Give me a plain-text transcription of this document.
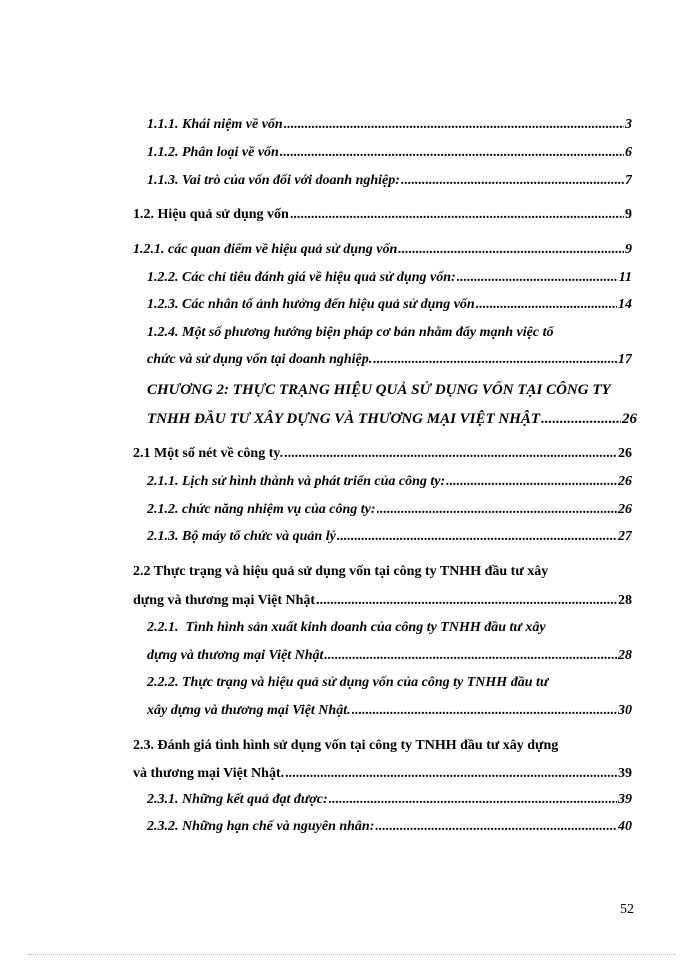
1.1.1. Khái niệm về vốn .....	3
1.1.2. Phân loại về vốn .....	6
1.1.3. Vai trò của vốn đối với doanh nghiệp: .....	7
1.2. Hiệu quả sử dụng vốn .....	9
1.2.1. các quan điểm về hiệu quả sử dụng vốn .....	9
1.2.2. Các chỉ tiêu đánh giá về hiệu quả sử dụng vốn: .....	11
1.2.3. Các nhân tố ảnh hưởng đến hiệu quả sử dụng vốn .....	14
1.2.4. Một số phương hướng biện pháp cơ bản nhằm đẩy mạnh việc tổ
chức và sử dụng vốn tại doanh nghiệp. .....	17
CHƯƠNG 2: THỰC TRẠNG HIỆU QUẢ SỬ DỤNG VỐN TẠI CÔNG TY
TNHH ĐẦU TƯ XÂY DỰNG VÀ THƯƠNG MẠI VIỆT NHẬT .....	26
2.1 Một số nét về công ty. .....	26
2.1.1. Lịch sử hình thành và phát triển của công ty: .....	26
2.1.2. chức năng nhiệm vụ của công ty: .....	26
2.1.3. Bộ máy tổ chức và quản lý .....	27
2.2 Thực trạng và hiệu quả sử dụng vốn tại công ty TNHH đầu tư xây
dựng và thương mại Việt Nhật .....	28
2.2.1. Tình hình sản xuất kinh doanh của công ty TNHH đầu tư xây
dựng và thương mại Việt Nhật .....	28
2.2.2. Thực trạng và hiệu quả sử dụng vốn của công ty TNHH đầu tư
xây dựng và thương mại Việt Nhật. .....	30
2.3. Đánh giá tình hình sử dụng vốn tại công ty TNHH đầu tư xây dựng
và thương mại Việt Nhật. .....	39
2.3.1. Những kết quả đạt được: .....	39
2.3.2. Những hạn chế và nguyên nhân: .....	40
52
